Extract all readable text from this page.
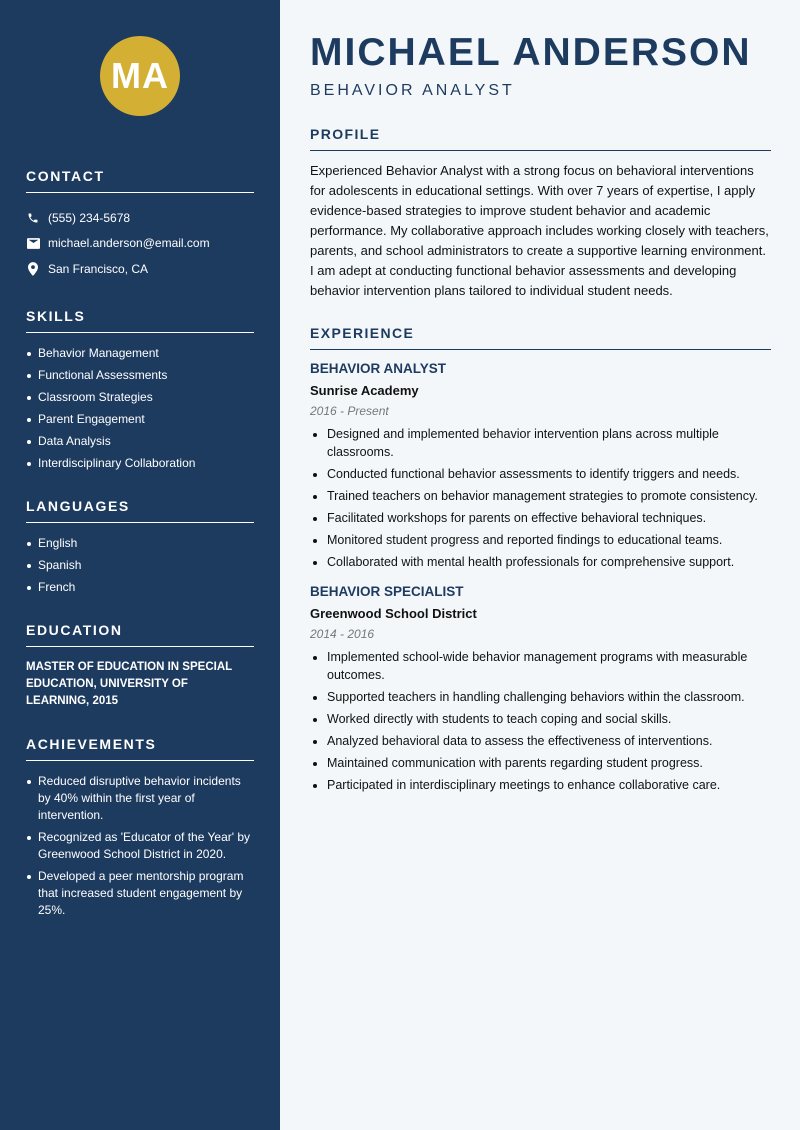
MA
CONTACT
(555) 234-5678
michael.anderson@email.com
San Francisco, CA
SKILLS
Behavior Management
Functional Assessments
Classroom Strategies
Parent Engagement
Data Analysis
Interdisciplinary Collaboration
LANGUAGES
English
Spanish
French
EDUCATION

MASTER OF EDUCATION IN SPECIAL EDUCATION, UNIVERSITY OF LEARNING, 2015

ACHIEVEMENTS
Reduced disruptive behavior incidents by 40% within the first year of intervention.
Recognized as 'Educator of the Year' by Greenwood School District in 2020.
Developed a peer mentorship program that increased student engagement by 25%.
MICHAEL ANDERSON
BEHAVIOR ANALYST
PROFILE

Experienced Behavior Analyst with a strong focus on behavioral interventions for adolescents in educational settings. With over 7 years of expertise, I apply evidence-based strategies to improve student behavior and academic performance. My collaborative approach includes working closely with teachers, parents, and school administrators to create a supportive learning environment. I am adept at conducting functional behavior assessments and developing behavior intervention plans tailored to individual student needs.

EXPERIENCE
BEHAVIOR ANALYST
Sunrise Academy
2016 - Present
Designed and implemented behavior intervention plans across multiple classrooms.
Conducted functional behavior assessments to identify triggers and needs.
Trained teachers on behavior management strategies to promote consistency.
Facilitated workshops for parents on effective behavioral techniques.
Monitored student progress and reported findings to educational teams.
Collaborated with mental health professionals for comprehensive support.
BEHAVIOR SPECIALIST
Greenwood School District
2014 - 2016
Implemented school-wide behavior management programs with measurable outcomes.
Supported teachers in handling challenging behaviors within the classroom.
Worked directly with students to teach coping and social skills.
Analyzed behavioral data to assess the effectiveness of interventions.
Maintained communication with parents regarding student progress.
Participated in interdisciplinary meetings to enhance collaborative care.
